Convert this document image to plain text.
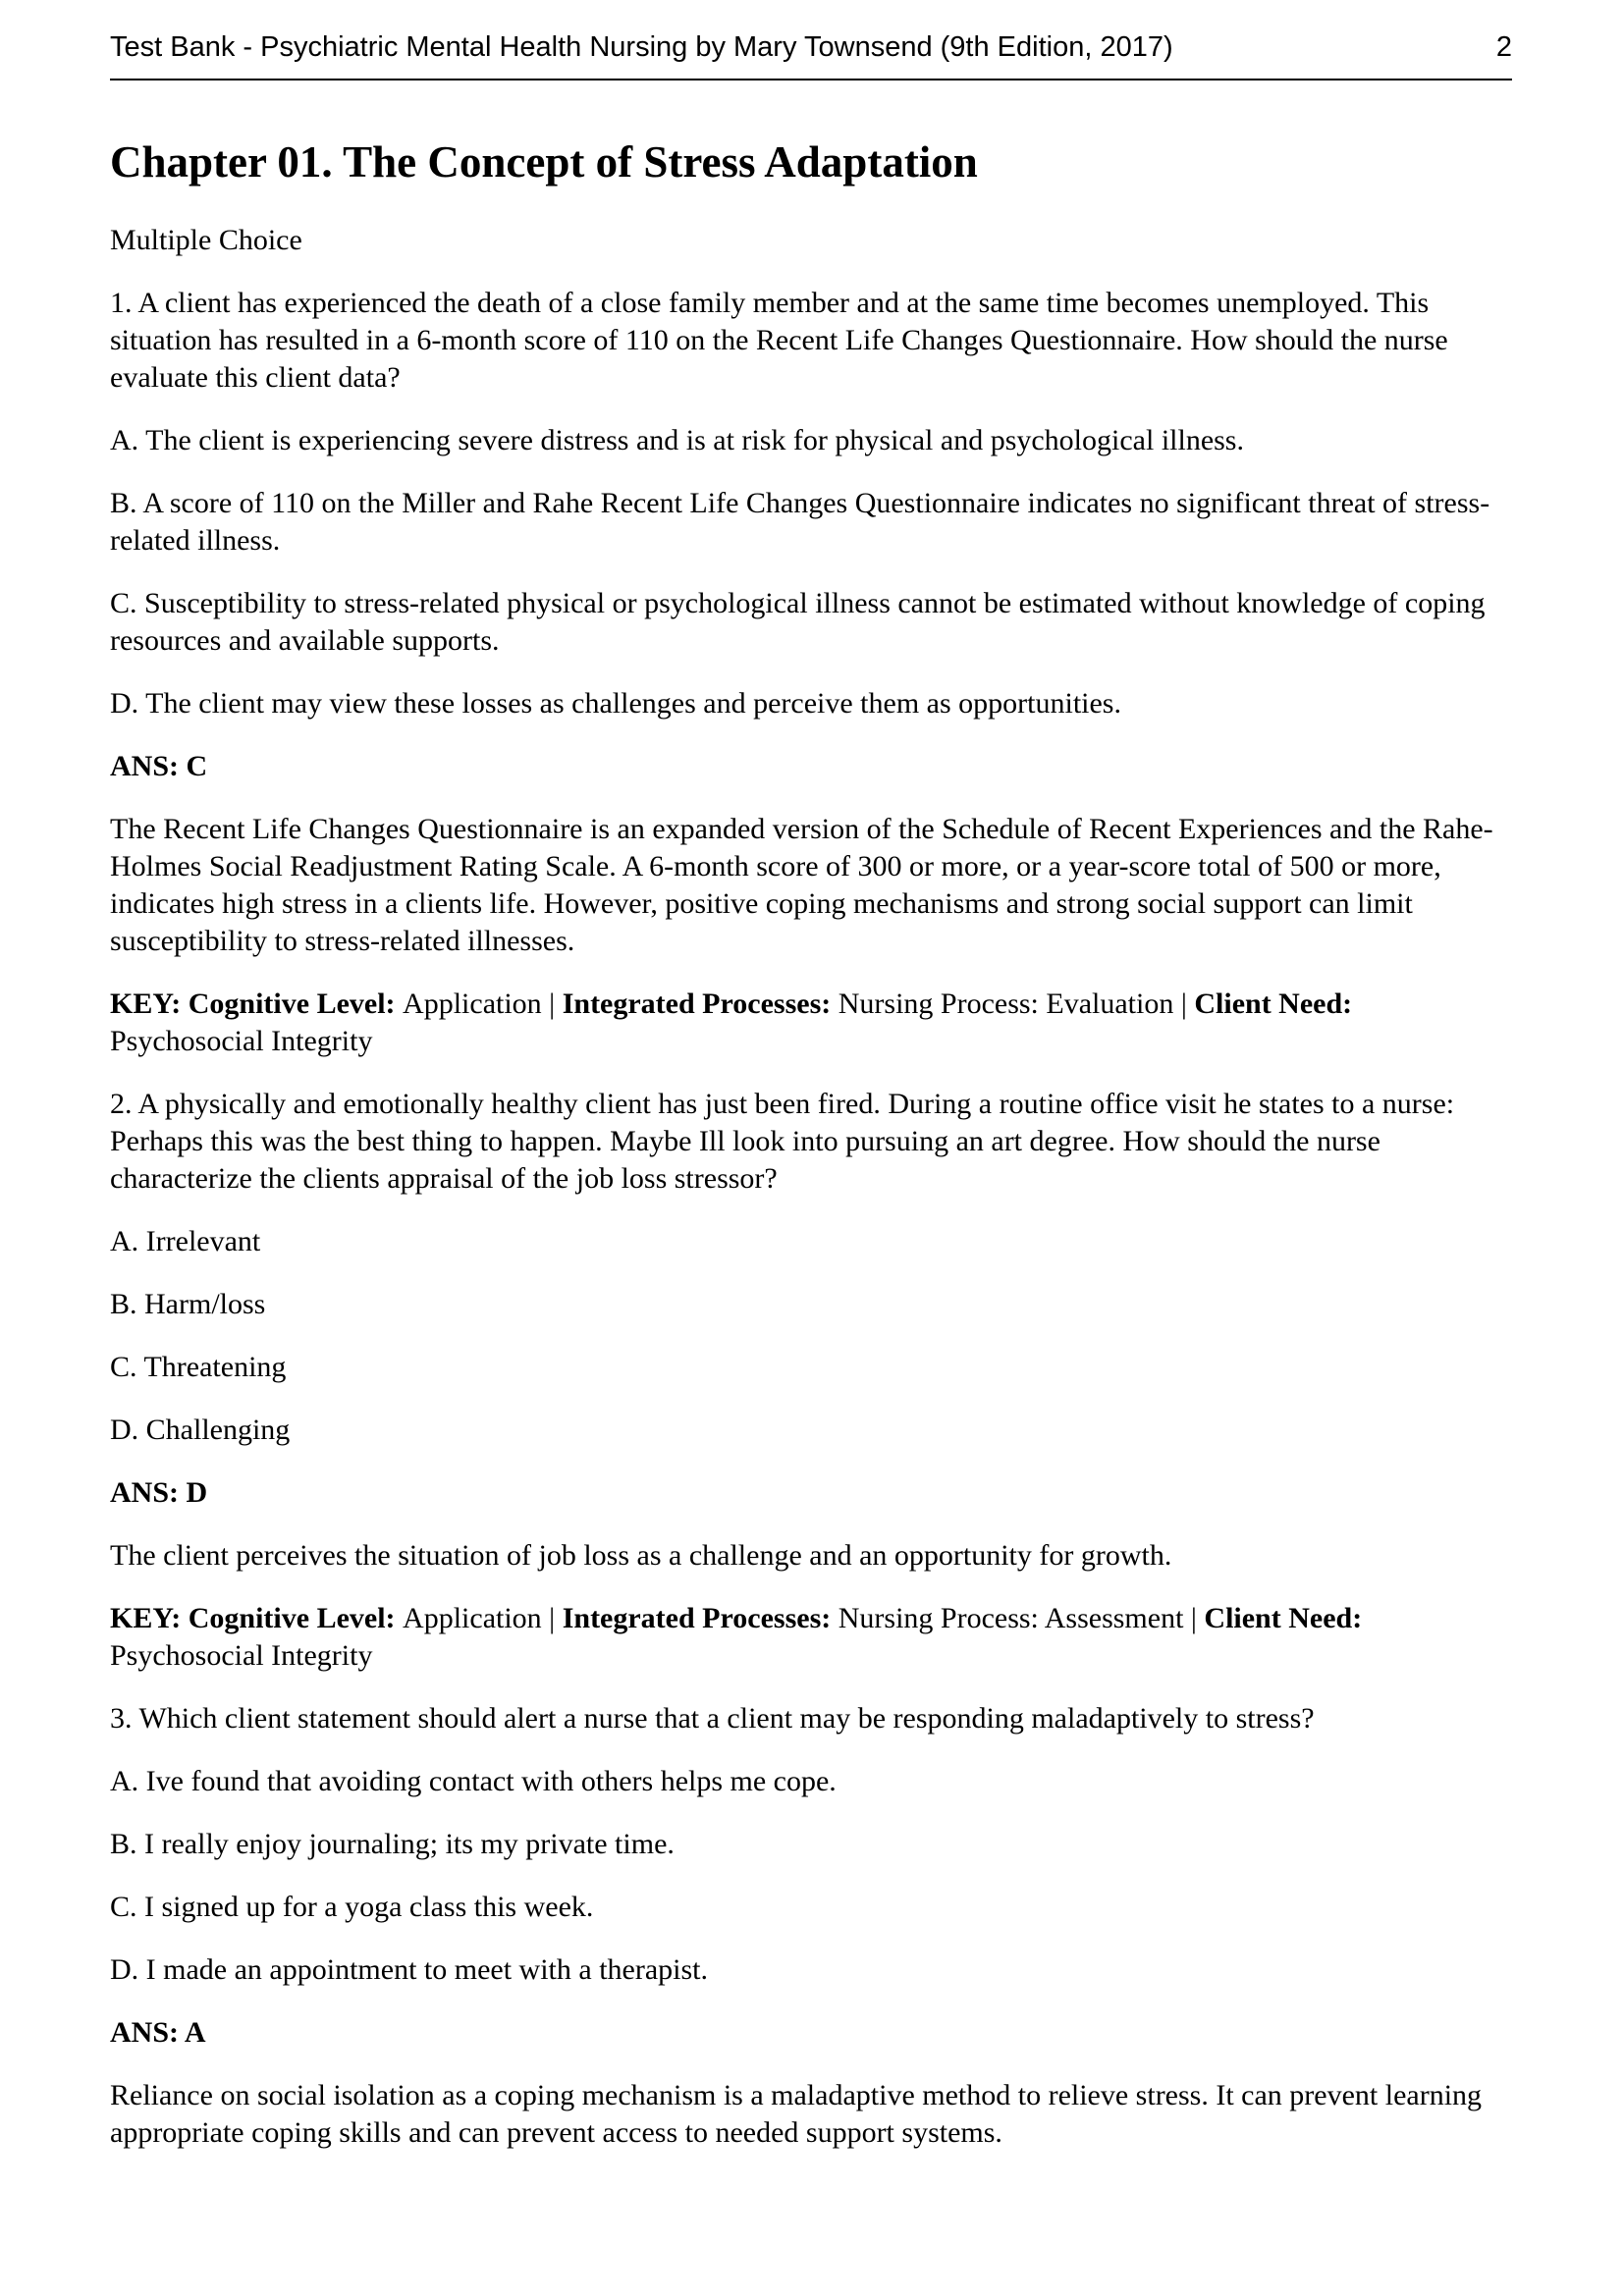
Test Bank - Psychiatric Mental Health Nursing by Mary Townsend (9th Edition, 2017)	2
Chapter 01. The Concept of Stress Adaptation

Multiple Choice

1. A client has experienced the death of a close family member and at the same time becomes unemployed. This situation has resulted in a 6-month score of 110 on the Recent Life Changes Questionnaire. How should the nurse evaluate this client data?

A. The client is experiencing severe distress and is at risk for physical and psychological illness.

B. A score of 110 on the Miller and Rahe Recent Life Changes Questionnaire indicates no significant threat of stress-related illness.

C. Susceptibility to stress-related physical or psychological illness cannot be estimated without knowledge of coping resources and available supports.

D. The client may view these losses as challenges and perceive them as opportunities.

ANS: C

The Recent Life Changes Questionnaire is an expanded version of the Schedule of Recent Experiences and the Rahe-Holmes Social Readjustment Rating Scale. A 6-month score of 300 or more, or a year-score total of 500 or more, indicates high stress in a clients life. However, positive coping mechanisms and strong social support can limit susceptibility to stress-related illnesses.

KEY: Cognitive Level: Application | Integrated Processes: Nursing Process: Evaluation | Client Need: Psychosocial Integrity

2. A physically and emotionally healthy client has just been fired. During a routine office visit he states to a nurse: Perhaps this was the best thing to happen. Maybe Ill look into pursuing an art degree. How should the nurse characterize the clients appraisal of the job loss stressor?

A. Irrelevant

B. Harm/loss

C. Threatening

D. Challenging

ANS: D

The client perceives the situation of job loss as a challenge and an opportunity for growth.

KEY: Cognitive Level: Application | Integrated Processes: Nursing Process: Assessment | Client Need: Psychosocial Integrity

3. Which client statement should alert a nurse that a client may be responding maladaptively to stress?

A. Ive found that avoiding contact with others helps me cope.

B. I really enjoy journaling; its my private time.

C. I signed up for a yoga class this week.

D. I made an appointment to meet with a therapist.

ANS: A

Reliance on social isolation as a coping mechanism is a maladaptive method to relieve stress. It can prevent learning appropriate coping skills and can prevent access to needed support systems.
